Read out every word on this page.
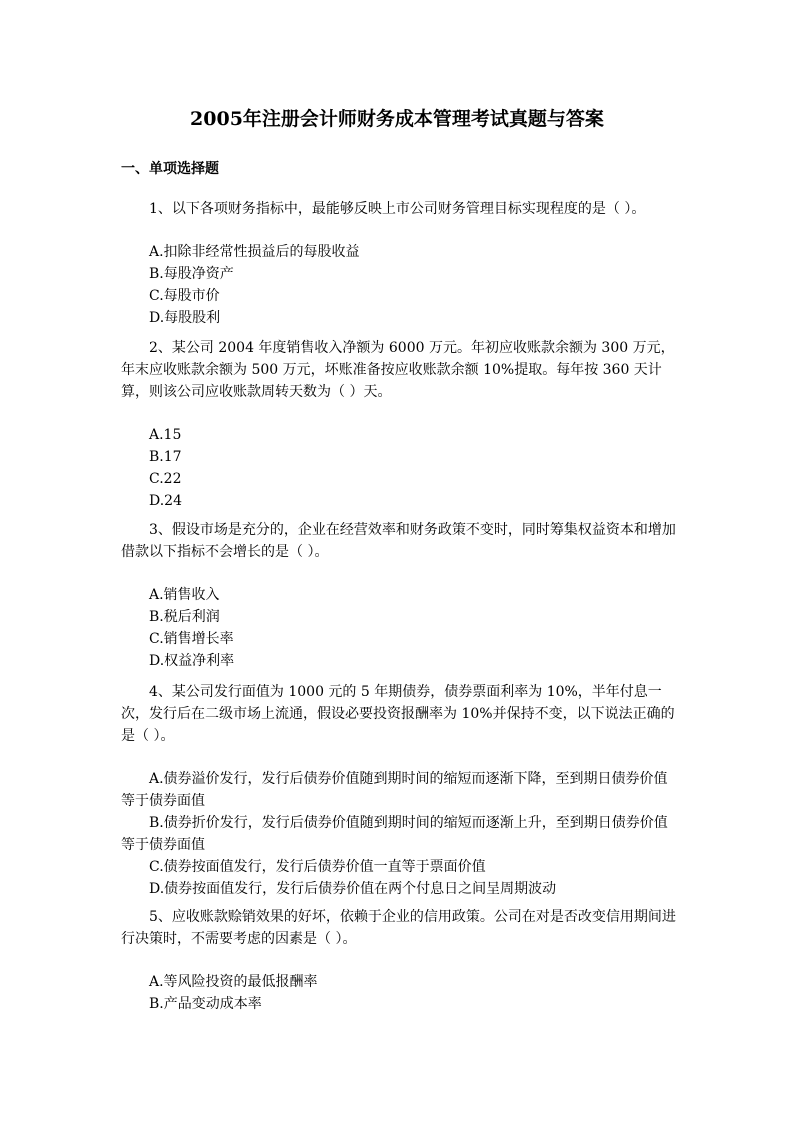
2005年注册会计师财务成本管理考试真题与答案
一、单项选择题

1、以下各项财务指标中，最能够反映上市公司财务管理目标实现程度的是（ ）。

A.扣除非经常性损益后的每股收益

B.每股净资产

C.每股市价

D.每股股利

2、某公司 2004 年度销售收入净额为 6000 万元。年初应收账款余额为 300 万元，年末应收账款余额为 500 万元，坏账准备按应收账款余额 10%提取。每年按 360 天计算，则该公司应收账款周转天数为（ ）天。

A.15

B.17

C.22

D.24

3、假设市场是充分的，企业在经营效率和财务政策不变时，同时筹集权益资本和增加借款以下指标不会增长的是（ ）。

A.销售收入

B.税后利润

C.销售增长率

D.权益净利率

4、某公司发行面值为 1000 元的 5 年期债券，债券票面利率为 10%，半年付息一次，发行后在二级市场上流通，假设必要投资报酬率为 10%并保持不变，以下说法正确的是（ ）。

A.债券溢价发行，发行后债券价值随到期时间的缩短而逐渐下降，至到期日债券价值等于债券面值

B.债券折价发行，发行后债券价值随到期时间的缩短而逐渐上升，至到期日债券价值等于债券面值

C.债券按面值发行，发行后债券价值一直等于票面价值

D.债券按面值发行，发行后债券价值在两个付息日之间呈周期波动

5、应收账款赊销效果的好坏，依赖于企业的信用政策。公司在对是否改变信用期间进行决策时，不需要考虑的因素是（ ）。

A.等风险投资的最低报酬率

B.产品变动成本率
